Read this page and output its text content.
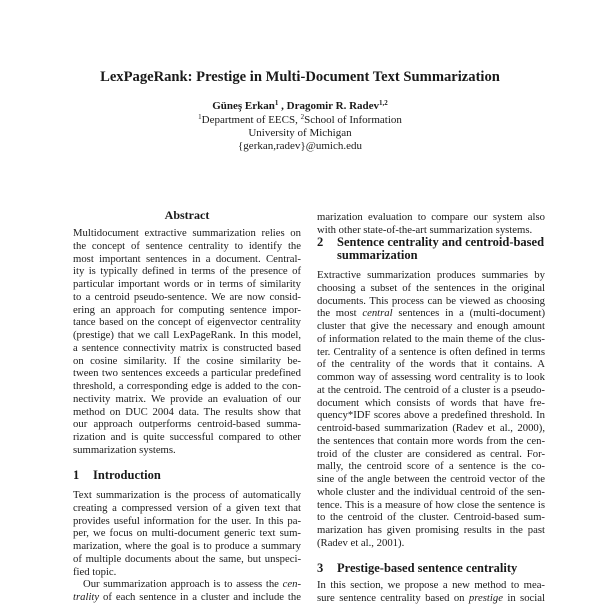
LexPageRank: Prestige in Multi-Document Text Summarization
Güneş Erkan$^1$ , Dragomir R. Radev$^{1,2}$
$^1$Department of EECS, $^2$School of Information
University of Michigan
{gerkan,radev}@umich.edu
Abstract
Multidocument extractive summarization relies on
the concept of sentence centrality to identify the
most important sentences in a document. Central-
ity is typically defined in terms of the presence of
particular important words or in terms of similarity
to a centroid pseudo-sentence. We are now consid-
ering an approach for computing sentence impor-
tance based on the concept of eigenvector centrality
(prestige) that we call LexPageRank. In this model,
a sentence connectivity matrix is constructed based
on cosine similarity. If the cosine similarity be-
tween two sentences exceeds a particular predefined
threshold, a corresponding edge is added to the con-
nectivity matrix. We provide an evaluation of our
method on DUC 2004 data. The results show that
our approach outperforms centroid-based summa-
rization and is quite successful compared to other
summarization systems.
1 Introduction
Text summarization is the process of automatically
creating a compressed version of a given text that
provides useful information for the user. In this pa-
per, we focus on multi-document generic text sum-
marization, where the goal is to produce a summary
of multiple documents about the same, but unspeci-
fied topic.
Our summarization approach is to assess the cen-
trality of each sentence in a cluster and include the
marization evaluation to compare our system also
with other state-of-the-art summarization systems.
2 Sentence centrality and centroid-based
summarization
Extractive summarization produces summaries by
choosing a subset of the sentences in the original
documents. This process can be viewed as choosing
the most central sentences in a (multi-document)
cluster that give the necessary and enough amount
of information related to the main theme of the clus-
ter. Centrality of a sentence is often defined in terms
of the centrality of the words that it contains. A
common way of assessing word centrality is to look
at the centroid. The centroid of a cluster is a pseudo-
document which consists of words that have fre-
quency*IDF scores above a predefined threshold. In
centroid-based summarization (Radev et al., 2000),
the sentences that contain more words from the cen-
troid of the cluster are considered as central. For-
mally, the centroid score of a sentence is the co-
sine of the angle between the centroid vector of the
whole cluster and the individual centroid of the sen-
tence. This is a measure of how close the sentence is
to the centroid of the cluster. Centroid-based sum-
marization has given promising results in the past
(Radev et al., 2001).
3 Prestige-based sentence centrality
In this section, we propose a new method to mea-
sure sentence centrality based on prestige in social
